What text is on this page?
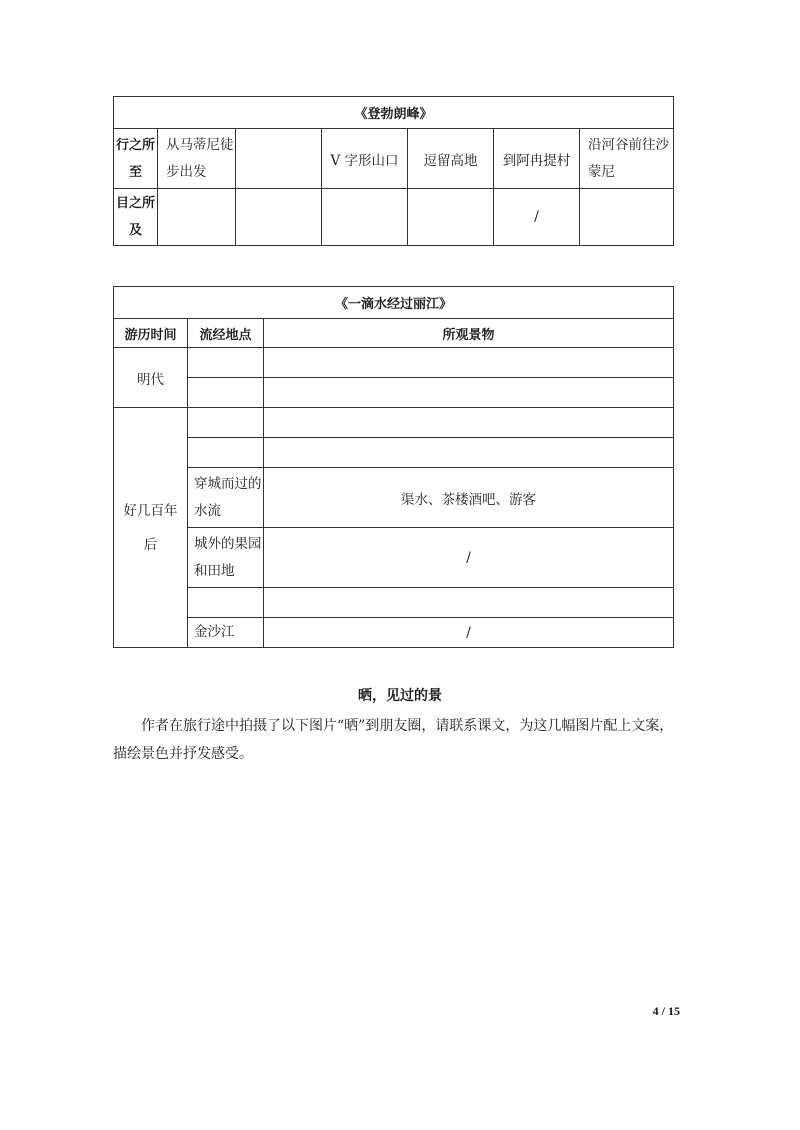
《登勃朗峰》						
行之所至	从马蒂尼徒步出发		V 字形山口	逗留高地	到阿冉提村	沿河谷前往沙蒙尼
目之所及					/	
《一滴水经过丽江》		
游历时间	流经地点	所观景物
明代		

好几百年后		

	穿城而过的水流	渠水、茶楼酒吧、游客
	城外的果园和田地	/

	金沙江	/
晒，见过的景

作者在旅行途中拍摄了以下图片“晒”到朋友圈，请联系课文，为这几幅图片配上文案，描绘景色并抒发感受。

4 / 15
